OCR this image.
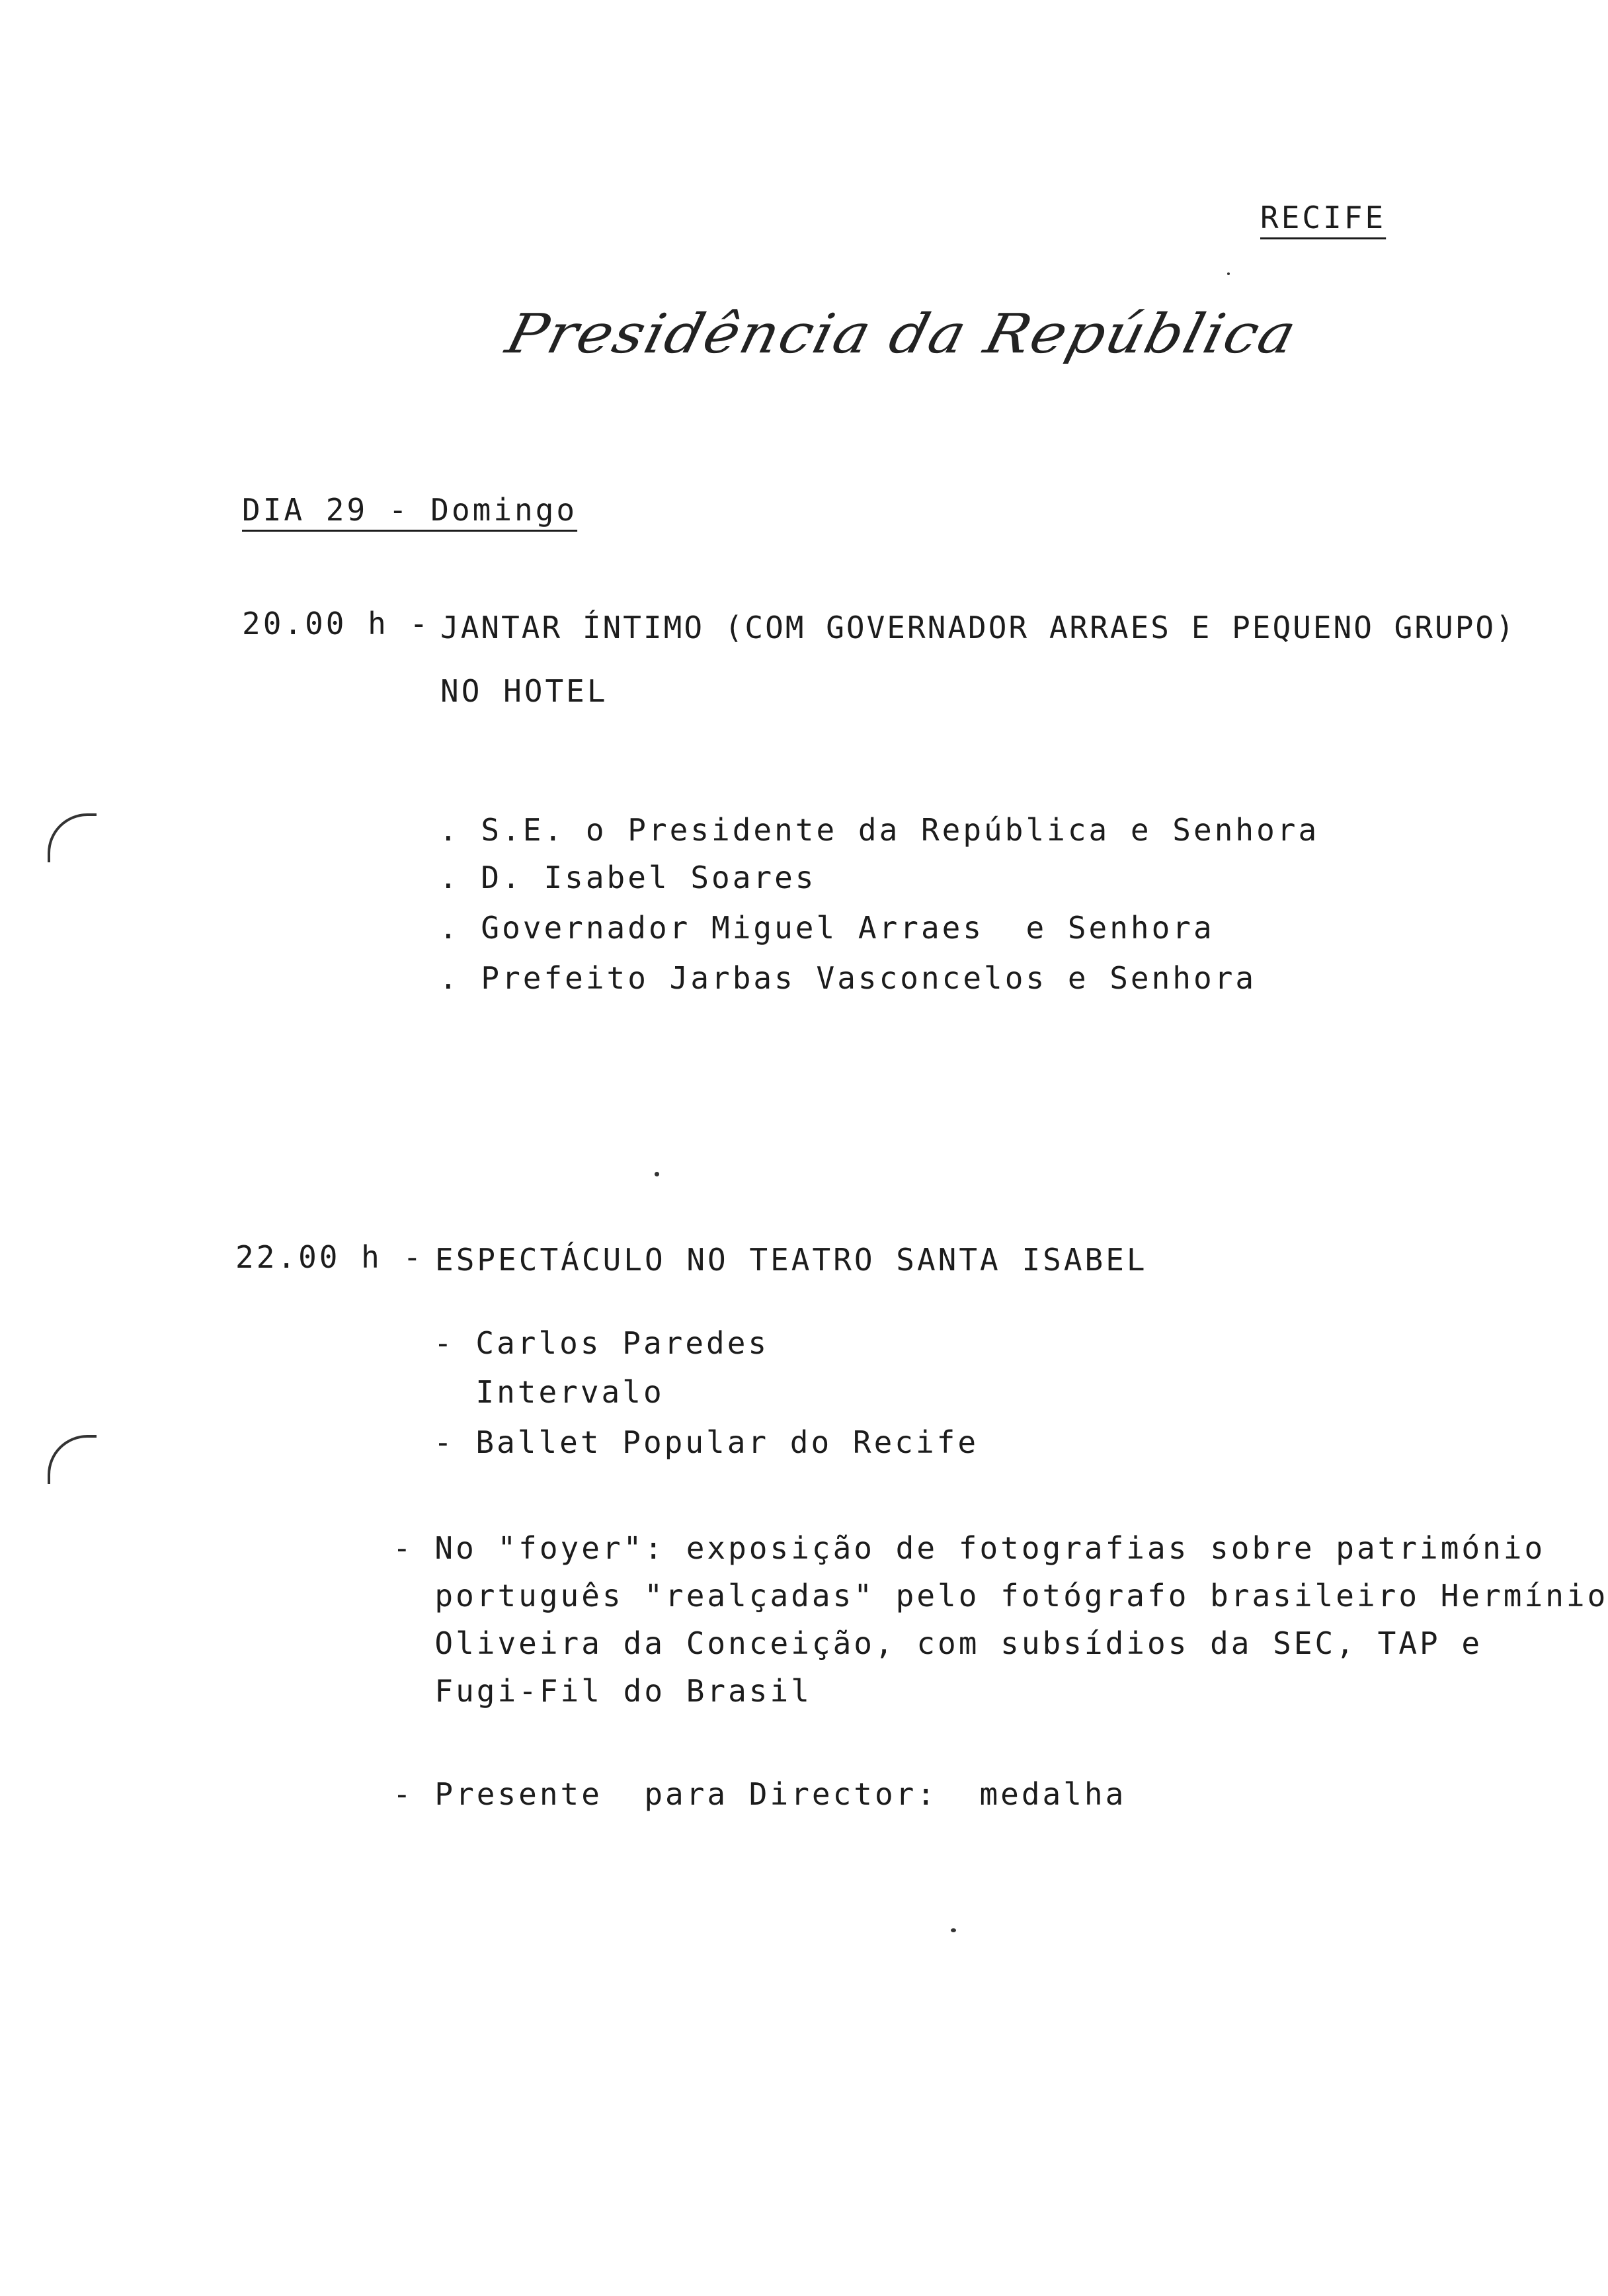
RECIFE
Presidência da República
DIA 29 - Domingo
20.00 h - JANTAR ÍNTIMO (COM GOVERNADOR ARRAES E PEQUENO GRUPO)
NO HOTEL
. S.E. o Presidente da República e Senhora
. D. Isabel Soares
. Governador Miguel Arraes  e Senhora
. Prefeito Jarbas Vasconcelos e Senhora
22.00 h - ESPECTÁCULO NO TEATRO SANTA ISABEL
- Carlos Paredes
Intervalo
- Ballet Popular do Recife
- No "foyer": exposição de fotografias sobre património
português "realçadas" pelo fotógrafo brasileiro Hermínio
Oliveira da Conceição, com subsídios da SEC, TAP e
Fugi-Fil do Brasil
- Presente  para Director:  medalha
